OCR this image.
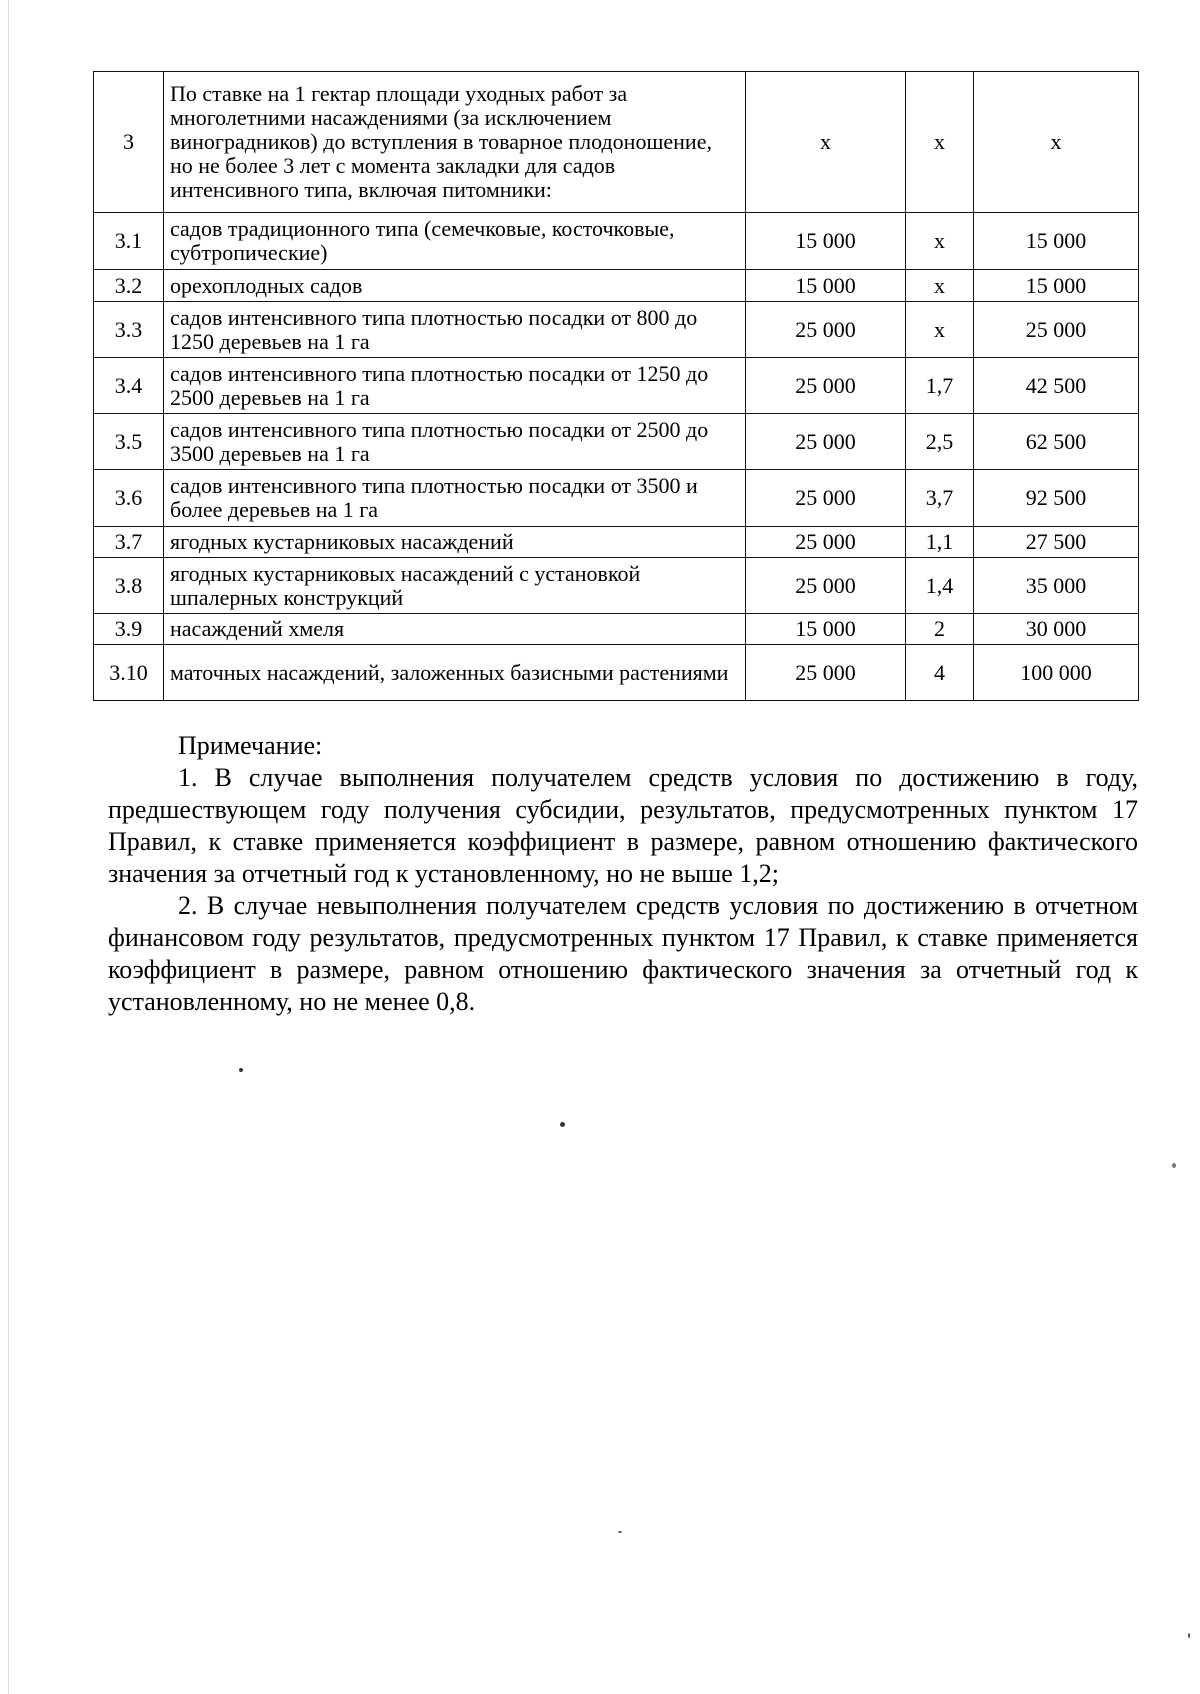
3	По ставке на 1 гектар площади уходных работ за многолетними насаждениями (за исключением виноградников) до вступления в товарное плодоношение, но не более 3 лет с момента закладки для садов интенсивного типа, включая питомники:	x	x	x
3.1	садов традиционного типа (семечковые, косточковые, субтропические)	15 000	x	15 000
3.2	орехоплодных садов	15 000	x	15 000
3.3	садов интенсивного типа плотностью посадки от 800 до 1250 деревьев на 1 га	25 000	x	25 000
3.4	садов интенсивного типа плотностью посадки от 1250 до 2500 деревьев на 1 га	25 000	1,7	42 500
3.5	садов интенсивного типа плотностью посадки от 2500 до 3500 деревьев на 1 га	25 000	2,5	62 500
3.6	садов интенсивного типа плотностью посадки от 3500 и более деревьев на 1 га	25 000	3,7	92 500
3.7	ягодных кустарниковых насаждений	25 000	1,1	27 500
3.8	ягодных кустарниковых насаждений с установкой шпалерных конструкций	25 000	1,4	35 000
3.9	насаждений хмеля	15 000	2	30 000
3.10	маточных насаждений, заложенных базисными растениями	25 000	4	100 000
Примечание:

1. В случае выполнения получателем средств условия по достижению в году, предшествующем году получения субсидии, результатов, предусмотренных пунктом 17 Правил, к ставке применяется коэффициент в размере, равном отношению фактического значения за отчетный год к установленному, но не выше 1,2;

2. В случае невыполнения получателем средств условия по достижению в отчетном финансовом году результатов, предусмотренных пунктом 17 Правил, к ставке применяется коэффициент в размере, равном отношению фактического значения за отчетный год к установленному, но не менее 0,8.
